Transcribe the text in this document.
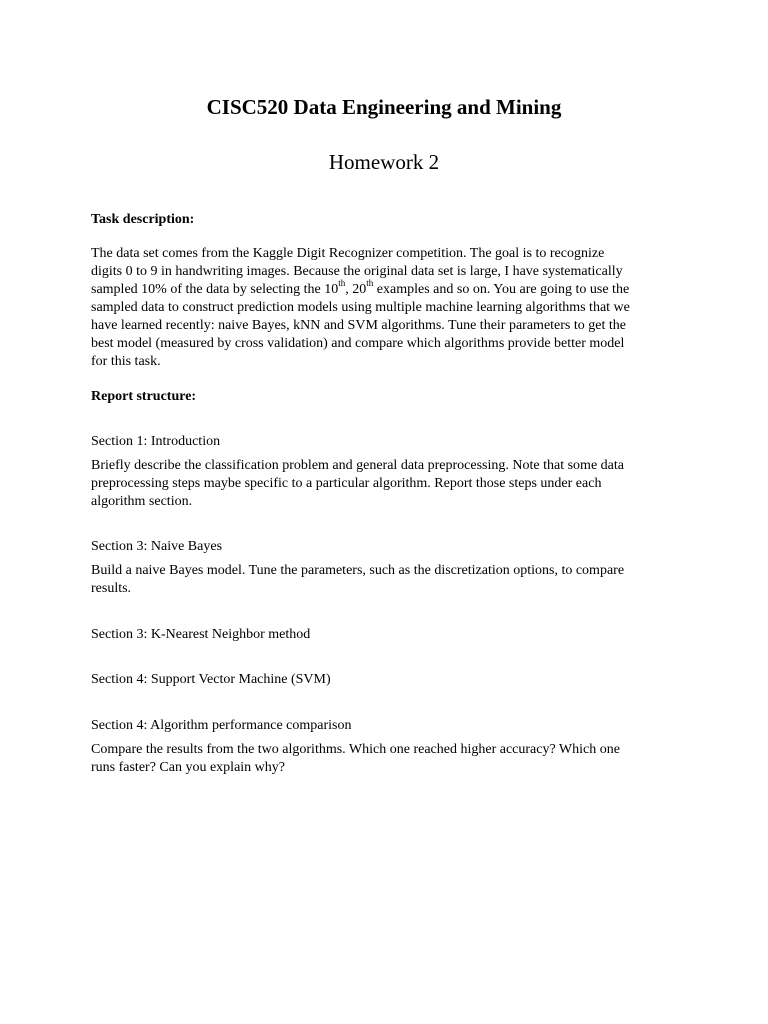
CISC520 Data Engineering and Mining
Homework 2
Task description:
The data set comes from the Kaggle Digit Recognizer competition. The goal is to recognize
digits 0 to 9 in handwriting images. Because the original data set is large, I have systematically
sampled 10% of the data by selecting the 10th, 20th examples and so on. You are going to use the
sampled data to construct prediction models using multiple machine learning algorithms that we
have learned recently: naive Bayes, kNN and SVM algorithms. Tune their parameters to get the
best model (measured by cross validation) and compare which algorithms provide better model
for this task.
Report structure:
Section 1: Introduction
Briefly describe the classification problem and general data preprocessing. Note that some data
preprocessing steps maybe specific to a particular algorithm. Report those steps under each
algorithm section.
Section 3: Naive Bayes
Build a naive Bayes model. Tune the parameters, such as the discretization options, to compare
results.
Section 3: K-Nearest Neighbor method
Section 4: Support Vector Machine (SVM)
Section 4: Algorithm performance comparison
Compare the results from the two algorithms. Which one reached higher accuracy? Which one
runs faster? Can you explain why?
